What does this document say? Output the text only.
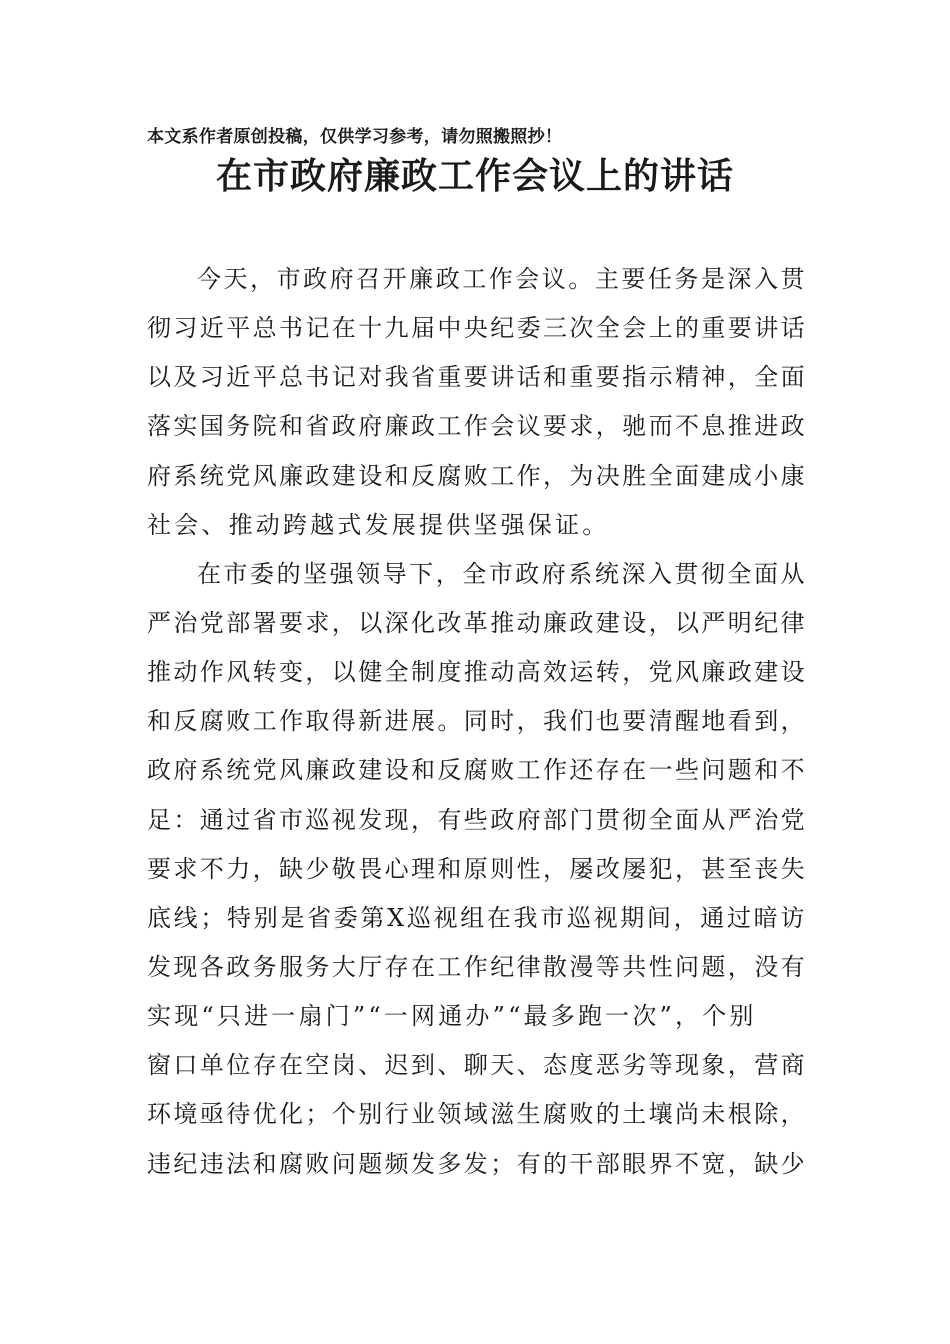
本文系作者原创投稿，仅供学习参考，请勿照搬照抄！
在市政府廉政工作会议上的讲话
今天，市政府召开廉政工作会议。主要任务是深入贯
彻习近平总书记在十九届中央纪委三次全会上的重要讲话
以及习近平总书记对我省重要讲话和重要指示精神，全面
落实国务院和省政府廉政工作会议要求，驰而不息推进政
府系统党风廉政建设和反腐败工作，为决胜全面建成小康
社会、推动跨越式发展提供坚强保证。
在市委的坚强领导下，全市政府系统深入贯彻全面从
严治党部署要求，以深化改革推动廉政建设，以严明纪律
推动作风转变，以健全制度推动高效运转，党风廉政建设
和反腐败工作取得新进展。同时，我们也要清醒地看到，
政府系统党风廉政建设和反腐败工作还存在一些问题和不
足：通过省市巡视发现，有些政府部门贯彻全面从严治党
要求不力，缺少敬畏心理和原则性，屡改屡犯，甚至丧失
底线；特别是省委第X巡视组在我市巡视期间，通过暗访
发现各政务服务大厅存在工作纪律散漫等共性问题，没有
实现“只进一扇门”“一网通办”“最多跑一次”，个别
窗口单位存在空岗、迟到、聊天、态度恶劣等现象，营商
环境亟待优化；个别行业领域滋生腐败的土壤尚未根除，
违纪违法和腐败问题频发多发；有的干部眼界不宽，缺少
